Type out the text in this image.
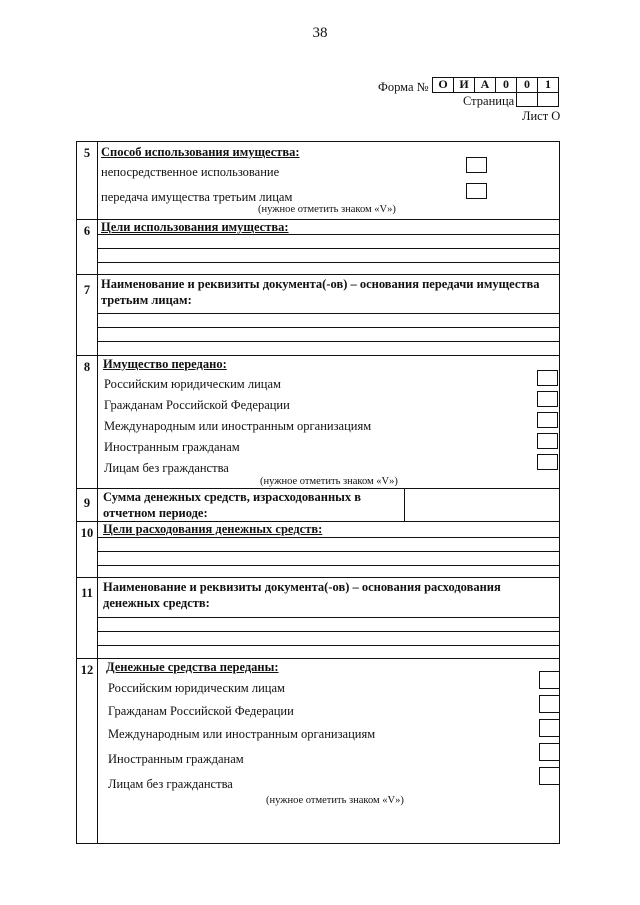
38
Форма № О И А	0	0	1
Страница
Лист О
5 Способ использования имущества:
непосредственное использование
передача имущества третьим лицам
(нужное отметить знаком «V»)
6 Цели использования имущества:
7 Наименование и реквизиты документа(-ов) – основания передачи имущества
третьим лицам:
8	Имущество передано:
Российским юридическим лицам
Гражданам Российской Федерации
Международным или иностранным организациям
Иностранным гражданам
Лицам без гражданства
(нужное отметить знаком «V»)
9	Сумма денежных средств, израсходованных в
отчетном периоде:
10 Цели расходования денежных средств:
11 Наименование и реквизиты документа(-ов) – основания расходования
денежных средств:
12	Денежные средства переданы:
Российским юридическим лицам
Гражданам Российской Федерации
Международным или иностранным организациям
Иностранным гражданам
Лицам без гражданства
(нужное отметить знаком «V»)
